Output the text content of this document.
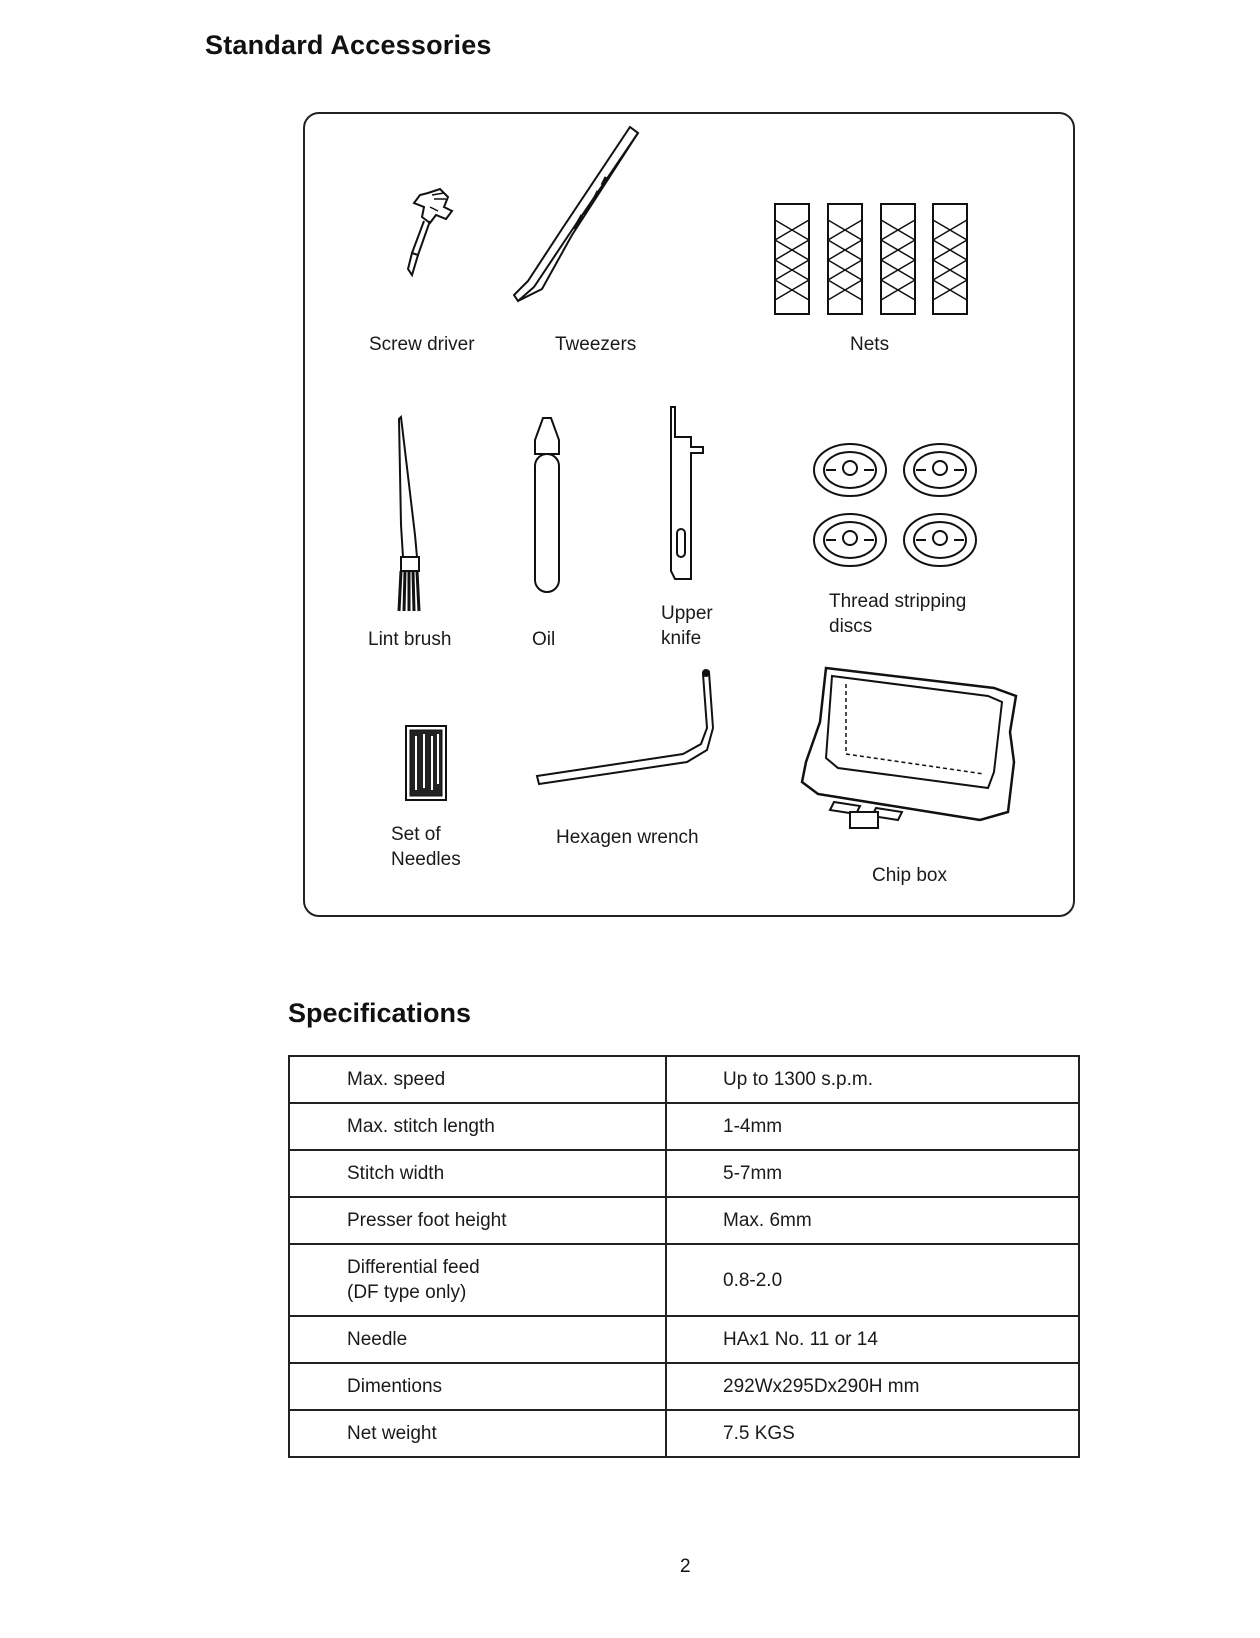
Standard Accessories
Screw driver	Tweezers	Nets
Lint brush	Oil
Upper
knife
Thread stripping
discs
Set of
Needles
Hexagen wrench
Chip box
Specifications
Max. speed	Up to 1300 s.p.m.

Max. stitch length	1-4mm

Stitch width	5-7mm

Presser foot height	Max. 6mm

Differential feed
(DF type only)	0.8-2.0

Needle	HAx1 No. 11 or 14

Dimentions	292Wx295Dx290H mm

Net weight	7.5 KGS
2
